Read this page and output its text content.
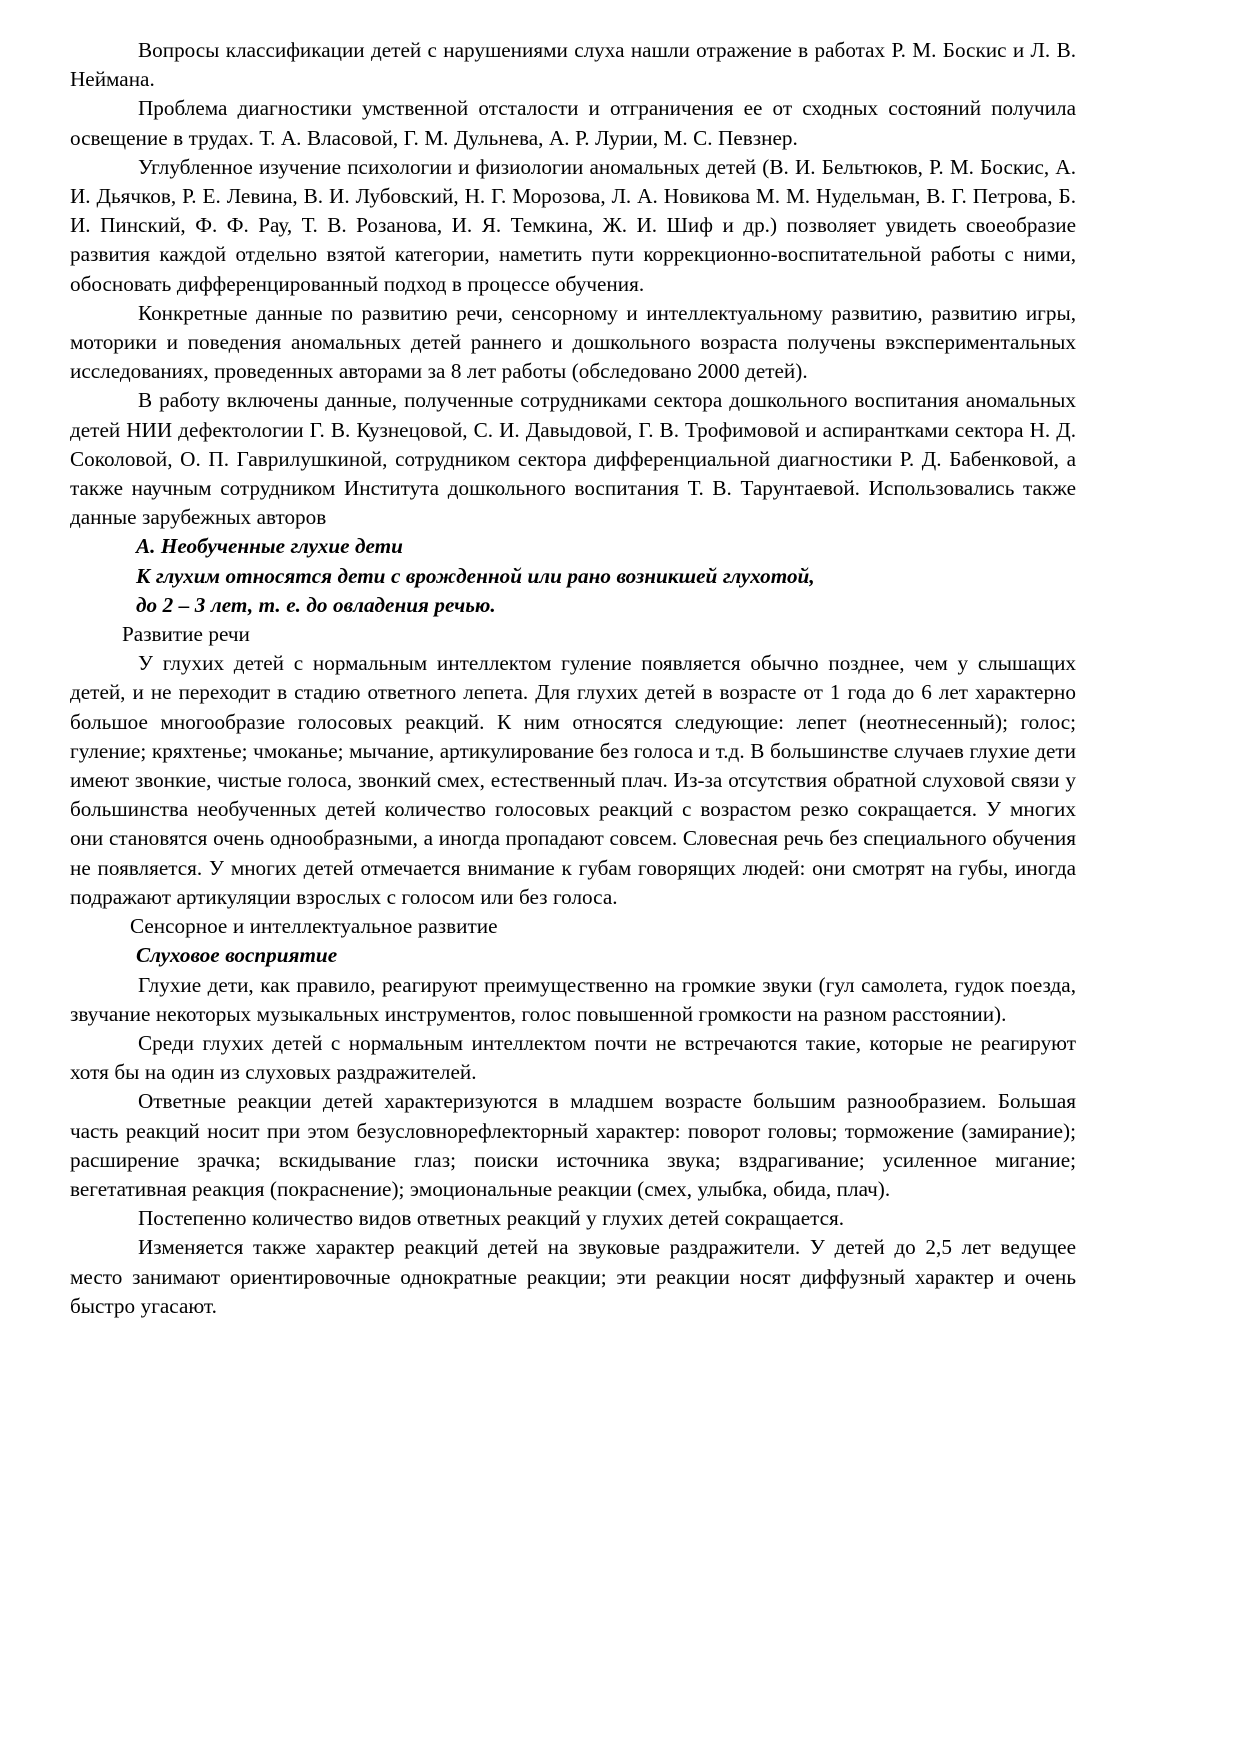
Вопросы классификации детей с нарушениями слуха нашли отражение в работах Р. М. Боскис и Л. В. Неймана.

Проблема диагностики умственной отсталости и отграничения ее от сходных состояний получила освещение в трудах. Т. А. Власовой, Г. М. Дульнева, А. Р. Лурии, М. С. Певзнер.

Углубленное изучение психологии и физиологии аномальных детей (В. И. Бельтюков, Р. М. Боскис, А. И. Дьячков, Р. Е. Левина, В. И. Лубовский, Н. Г. Морозова, Л. А. Новикова М. М. Нудельман, В. Г. Петрова, Б. И. Пинский, Ф. Ф. Рау, Т. В. Розанова, И. Я. Темкина, Ж. И. Шиф и др.) позволяет увидеть своеобразие развития каждой отдельно взятой категории, наметить пути коррекционно-воспитательной работы с ними, обосновать дифференцированный подход в процессе обучения.

Конкретные данные по развитию речи, сенсорному и интеллектуальному развитию, развитию игры, моторики и поведения аномальных детей раннего и дошкольного возраста получены вэкспериментальных исследованиях, проведенных авторами за 8 лет работы (обследовано 2000 детей).

В работу включены данные, полученные сотрудниками сектора дошкольного воспитания аномальных детей НИИ дефектологии Г. В. Кузнецовой, С. И. Давыдовой, Г. В. Трофимовой и аспирантками сектора Н. Д. Соколовой, О. П. Гаврилушкиной, сотрудником сектора дифференциальной диагностики Р. Д. Бабенковой, а также научным сотрудником Института дошкольного воспитания Т. В. Тарунтаевой. Использовались также данные зарубежных авторов

А. Необученные глухие дети

К глухим относятся дети с врожденной или рано возникшей глухотой,

до 2 – 3 лет, т. е. до овладения речью.

Развитие речи

У глухих детей с нормальным интеллектом гуление появляется обычно позднее, чем у слышащих детей, и не переходит в стадию ответного лепета. Для глухих детей в возрасте от 1 года до 6 лет характерно большое многообразие голосовых реакций. К ним относятся следующие: лепет (неотнесенный); голос; гуление; кряхтенье; чмоканье; мычание, артикулирование без голоса и т.д. В большинстве случаев глухие дети имеют звонкие, чистые голоса, звонкий смех, естественный плач. Из-за отсутствия обратной слуховой связи у большинства необученных детей количество голосовых реакций с возрастом резко сокращается. У многих они становятся очень однообразными, а иногда пропадают совсем. Словесная речь без специального обучения не появляется. У многих детей отмечается внимание к губам говорящих людей: они смотрят на губы, иногда подражают артикуляции взрослых с голосом или без голоса.

Сенсорное и интеллектуальное развитие

Слуховое восприятие

Глухие дети, как правило, реагируют преимущественно на громкие звуки (гул самолета, гудок поезда, звучание некоторых музыкальных инструментов, голос повышенной громкости на разном расстоянии).

Среди глухих детей с нормальным интеллектом почти не встречаются такие, которые не реагируют хотя бы на один из слуховых раздражителей.

Ответные реакции детей характеризуются в младшем возрасте большим разнообразием. Большая часть реакций носит при этом безусловнорефлекторный характер: поворот головы; торможение (замирание); расширение зрачка; вскидывание глаз; поиски источника звука; вздрагивание; усиленное мигание; вегетативная реакция (покраснение); эмоциональные реакции (смех, улыбка, обида, плач).

Постепенно количество видов ответных реакций у глухих детей сокращается.

Изменяется также характер реакций детей на звуковые раздражители. У детей до 2,5 лет ведущее место занимают ориентировочные однократные реакции; эти реакции носят диффузный характер и очень быстро угасают.
